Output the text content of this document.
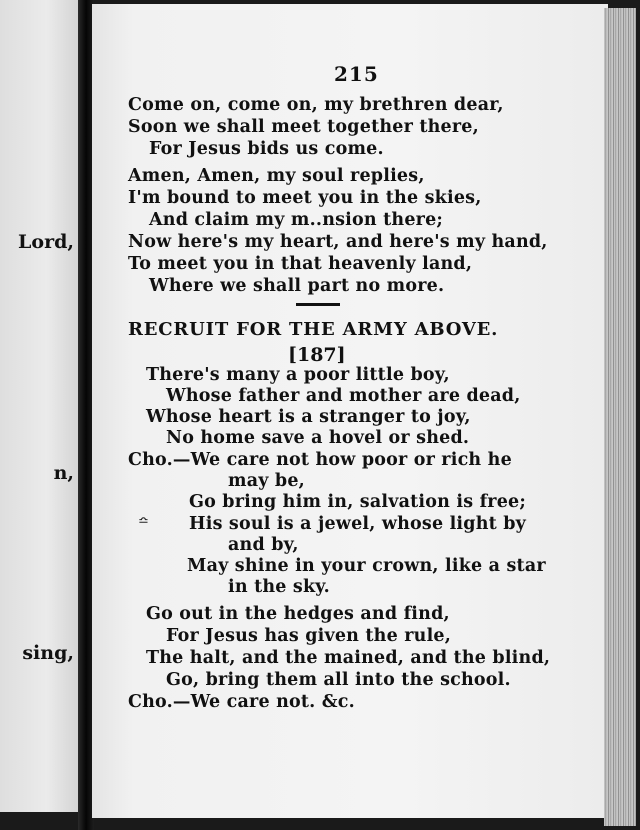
Lord,
n,
sing,
215
Come on, come on, my brethren dear,
Soon we shall meet together there,
For Jesus bids us come.
Amen, Amen, my soul replies,
I'm bound to meet you in the skies,
And claim my m..nsion there;
Now here's my heart, and here's my hand,
To meet you in that heavenly land,
Where we shall part no more.
RECRUIT FOR THE ARMY ABOVE.
[187]
There's many a poor little boy,
Whose father and mother are dead,
Whose heart is a stranger to joy,
No home save a hovel or shed.
Cho.—We care not how poor or rich he
may be,
Go bring him in, salvation is free;
≏ His soul is a jewel, whose light by
and by,
May shine in your crown, like a star
in the sky.
Go out in the hedges and find,
For Jesus has given the rule,
The halt, and the mained, and the blind,
Go, bring them all into the school.
Cho.—We care not. &c.
